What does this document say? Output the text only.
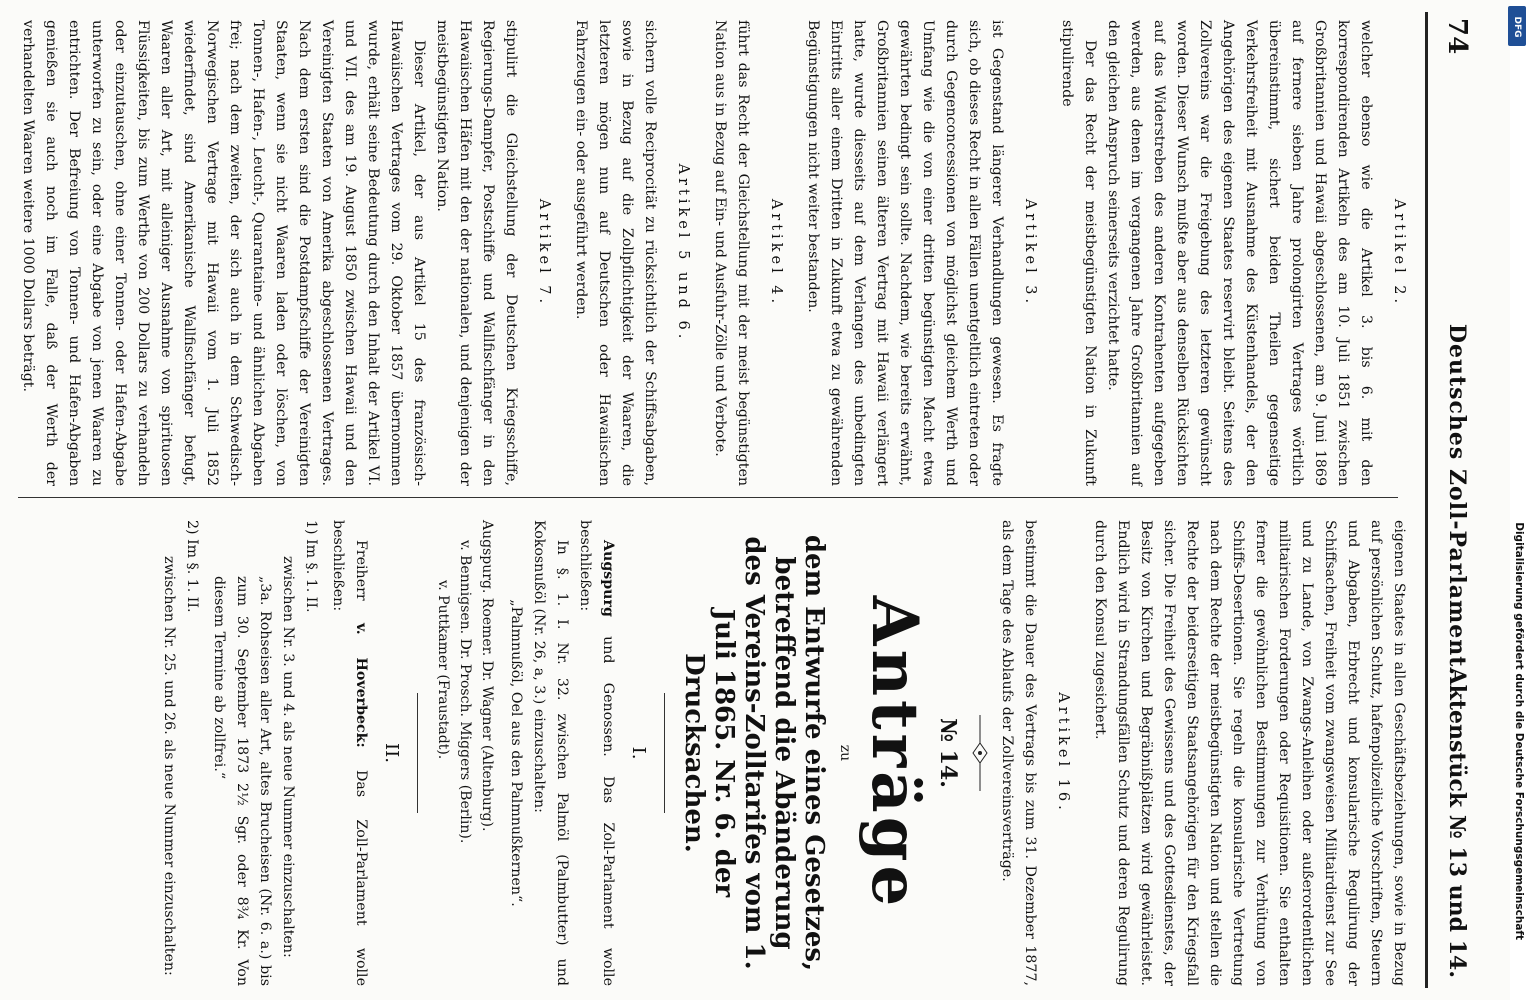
74
Deutsches Zoll-Parlament.
Aktenstück № 13 und 14.
Artikel 2.

welcher ebenso wie die Artikel 3. bis 6. mit den korrespondirenden Artikeln des am 10. Juli 1851 zwischen Großbritannien und Hawaii abgeschlossenen, am 9. Juni 1869 auf fernere sieben Jahre prolongirten Vertrages wörtlich übereinstimmt, sichert beiden Theilen gegenseitige Verkehrsfreiheit mit Ausnahme des Küstenhandels, der den Angehörigen des eigenen Staates reservirt bleibt. Seitens des Zollvereins war die Freigebung des letzteren gewünscht worden. Dieser Wunsch mußte aber aus denselben Rücksichten auf das Widerstreben des anderen Kontrahenten aufgegeben werden, aus denen im vergangenen Jahre Großbritannien auf den gleichen Anspruch seinerseits verzichtet hatte.

Der das Recht der meistbegünstigten Nation in Zukunft stipulirende

Artikel 3.

ist Gegenstand längerer Verhandlungen gewesen. Es fragte sich, ob dieses Recht in allen Fällen unentgeltlich eintreten oder durch Gegenconcessionen von möglichst gleichem Werth und Umfang wie die von einer dritten begünstigten Macht etwa gewährten bedingt sein sollte. Nachdem, wie bereits erwähnt, Großbritannien seinen älteren Vertrag mit Hawaii verlängert hatte, wurde diesseits auf dem Verlangen des unbedingten Eintritts aller einem Dritten in Zukunft etwa zu gewährenden Begünstigungen nicht weiter bestanden.

Artikel 4.

führt das Recht der Gleichstellung mit der meist begünstigten Nation aus in Bezug auf Ein- und Ausfuhr-Zölle und Verbote.

Artikel 5 und 6.

sichern volle Reciprocität zu rücksichtlich der Schiffsabgaben, sowie in Bezug auf die Zollpflichtigkeit der Waaren, die letzteren mögen nun auf Deutschen oder Hawaiischen Fahrzeugen ein- oder ausgeführt werden.

Artikel 7.

stipulirt die Gleichstellung der Deutschen Kriegsschiffe, Regierungs-Dampfer, Postschiffe und Wallfischfänger in den Hawaiischen Häfen mit den der nationalen, und denjenigen der meistbegünstigten Nation.

Dieser Artikel, der aus Artikel 15 des französisch-Hawaiischen Vertrages vom 29. Oktober 1857 übernommen wurde, erhält seine Bedeutung durch den Inhalt der Artikel VI. und VII. des am 19. August 1850 zwischen Hawaii und den Vereinigten Staaten von Amerika abgeschlossenen Vertrages. Nach dem ersten sind die Postdampfschiffe der Vereinigten Staaten, wenn sie nicht Waaren laden oder löschen, von Tonnen-, Hafen-, Leucht-, Quarantaine- und ähnlichen Abgaben frei; nach dem zweiten, der sich auch in dem Schwedisch-Norwegischen Vertrage mit Hawaii vom 1. Juli 1852 wiederfindet, sind Amerikanische Wallfischfänger befugt, Waaren aller Art, mit alleiniger Ausnahme von spirituosen Flüssigkeiten, bis zum Werthe von 200 Dollars zu verhandeln oder einzutauschen, ohne einer Tonnen- oder Hafen-Abgabe unterworfen zu sein, oder eine Abgabe von jenen Waaren zu entrichten. Der Befreiung von Tonnen- und Hafen-Abgaben genießen sie auch noch im Falle, daß der Werth der verhandelten Waaren weitere 1000 Dollars beträgt.

eigenen Staates in allen Geschäftsbeziehungen, sowie in Bezug auf persönlichen Schutz, hafenpolizeiliche Vorschriften, Steuern und Abgaben, Erbrecht und konsularische Regulirung der Schiffsachen, Freiheit vom zwangsweisen Militairdienst zur See und zu Lande, von Zwangs-Anleihen oder außerordentlichen militairischen Forderungen oder Requisitionen. Sie enthalten ferner die gewöhnlichen Bestimmungen zur Verhütung von Schiffs-Desertionen. Sie regeln die konsularische Vertretung nach dem Rechte der meistbegünstigten Nation und stellen die Rechte der beiderseitigen Staatsangehörigen für den Kriegsfall sicher. Die Freiheit des Gewissens und des Gottesdienstes, der Besitz von Kirchen und Begräbnißplätzen wird gewährleistet. Endlich wird in Strandungsfällen Schutz und deren Regulirung durch den Konsul zugesichert.

Artikel 16.

bestimmt die Dauer des Vertrags bis zum 31. Dezember 1877, als dem Tage des Ablaufs der Zollvereinsverträge.

№ 14.
Anträge
zu
dem Entwurfe eines Gesetzes, betreffend die Abänderung des Vereins-Zolltarifes vom 1. Juli 1865. Nr. 6. der Drucksachen.
I.

Augspurg und Genossen. Das Zoll-Parlament wolle beschließen:

In §. 1. I. Nr. 32. zwischen Palmöl (Palmbutter) und Kokosnußöl (Nr. 26, a, 3.) einzuschalten:

„Palmnußöl, Oel aus den Palmnußkernen“.

Augspurg. Roemer. Dr. Wagner (Altenburg).
v. Bennigsen. Dr. Prosch. Miggers (Berlin).
v. Puttkamer (Fraustadt).
II.

Freiherr v. Hoverbeck: Das Zoll-Parlament wolle beschließen:

1) Im §. 1. II.
zwischen Nr. 3. und 4. als neue Nummer einzuschalten:
„3a. Rohseisen aller Art, altes Brucheisen (Nr. 6. a.) bis zum 30. September 1873 2½ Sgr. oder 8¾ Kr. Von diesem Termine ab zollfrei.“
2) Im §. 1. II.
zwischen Nr. 25. und 26. als neue Nummer einzuschalten:	Digitalisierung gefördert durch die Deutsche Forschungsgemeinschaft
DFG
